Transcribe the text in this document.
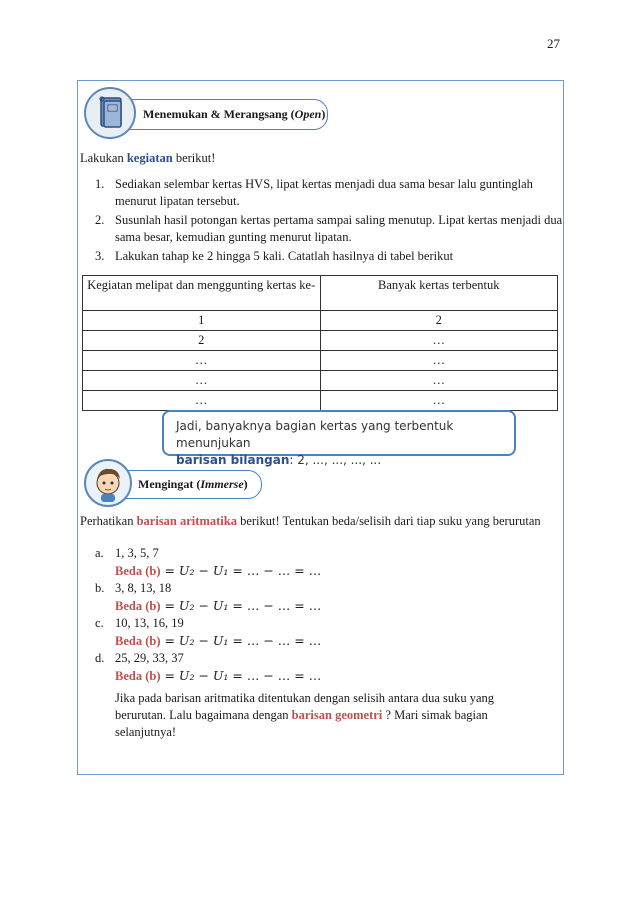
27
Menemukan & Merangsang ( Open )
Lakukan kegiatan berikut!
1. Sediakan selembar kertas HVS, lipat kertas menjadi dua sama besar lalu guntinglah menurut lipatan tersebut.
2. Susunlah hasil potongan kertas pertama sampai saling menutup. Lipat kertas menjadi dua sama besar, kemudian gunting menurut lipatan.
3. Lakukan tahap ke 2 hingga 5 kali. Catatlah hasilnya di tabel berikut
Kegiatan melipat dan menggunting kertas ke-	Banyak kertas terbentuk
1	2
2	…
…	…
…	…
…	…
Jadi, banyaknya bagian kertas yang terbentuk menunjukan
barisan bilangan: 2, ..., ..., ..., ...
Mengingat ( Immerse )
Perhatikan barisan aritmatika berikut! Tentukan beda/selisih dari tiap suku yang berurutan
a. 1, 3, 5, 7
Beda (b) = U₂ − U₁ = … − … = …
b. 3, 8, 13, 18
Beda (b) = U₂ − U₁ = … − … = …
c. 10, 13, 16, 19
Beda (b) = U₂ − U₁ = … − … = …
d. 25, 29, 33, 37
Beda (b) = U₂ − U₁ = … − … = …
Jika pada barisan aritmatika ditentukan dengan selisih antara dua suku yang berurutan. Lalu bagaimana dengan barisan geometri ? Mari simak bagian selanjutnya!
